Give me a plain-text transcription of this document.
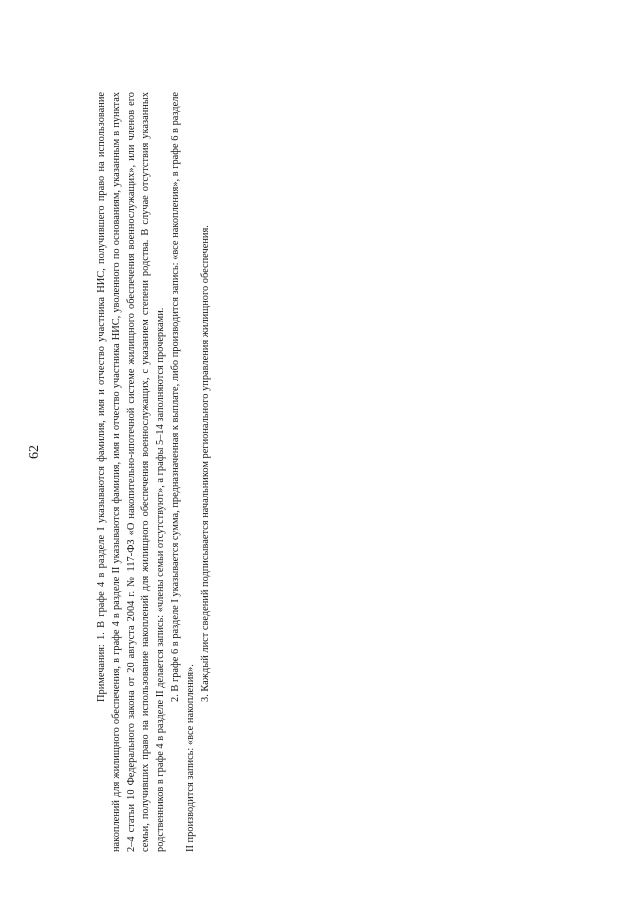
62	Примечания: 1. В графе 4 в разделе I указываются фамилия, имя и отчество участника НИС, получившего право на использование накоплений для жилищного обеспечения, в графе 4 в разделе II указываются фамилия, имя и отчество участника НИС, уволенного по основаниям, указанным в пунктах 2–4 статьи 10 Федерального закона от 20 августа 2004 г. № 117-ФЗ «О накопительно-ипотечной системе жилищного обеспечения военнослужащих», или членов его семьи, получивших право на использование накоплений для жилищного обеспечения военнослужащих, с указанием степени родства. В случае отсутствия указанных родственников в графе 4 в разделе II делается запись: «члены семьи отсутствуют», а графы 5–14 заполняются прочерками. 2. В графе 6 в разделе I указывается сумма, предназначенная к выплате, либо производится запись: «все накопления», в графе 6 в разделе II производится запись: «все накопления».

3. Каждый лист сведений подписывается начальником регионального управления жилищного обеспечения.
